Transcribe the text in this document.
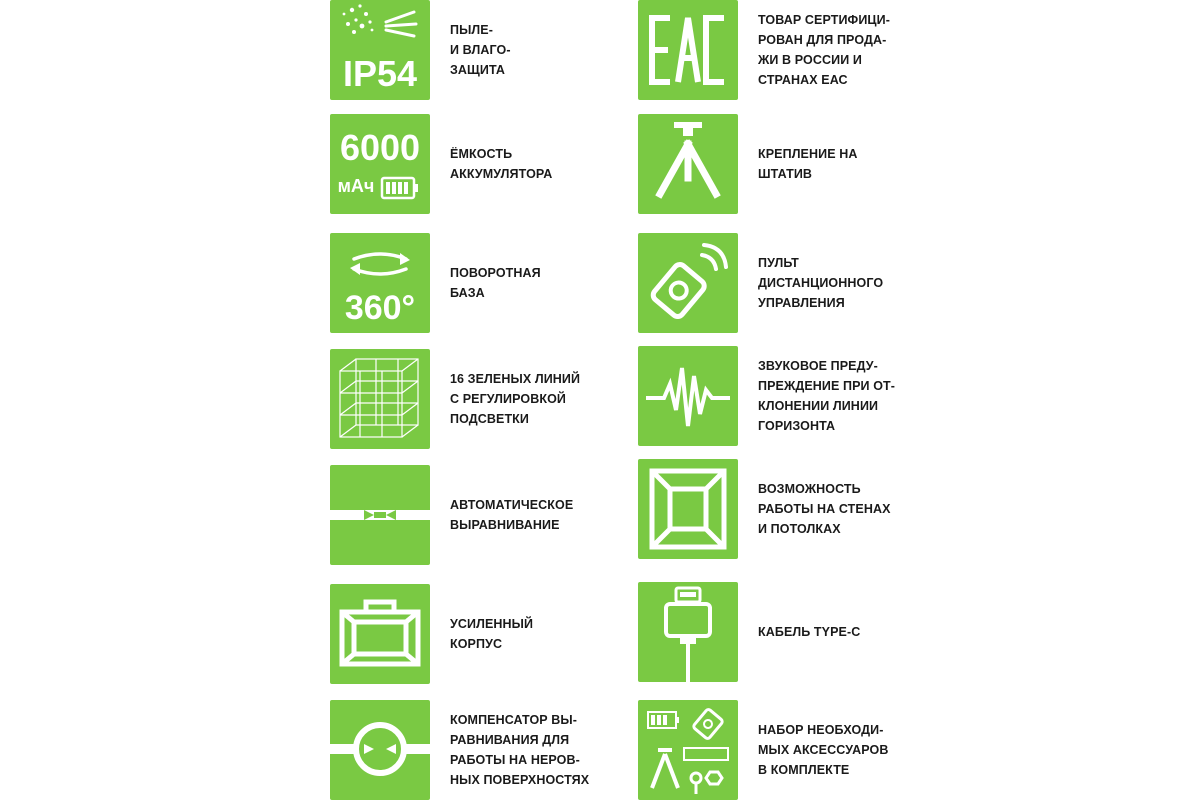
IP54
ПЫЛЕ-
И ВЛАГО-
ЗАЩИТА
ТОВАР СЕРТИФИЦИ-
РОВАН ДЛЯ ПРОДА-
ЖИ В РОССИИ И
СТРАНАХ ЕАС
6000
мАч
ЁМКОСТЬ
АККУМУЛЯТОРА
КРЕПЛЕНИЕ НА
ШТАТИВ
360°
ПОВОРОТНАЯ
БАЗА
ПУЛЬТ
ДИСТАНЦИОННОГО
УПРАВЛЕНИЯ
16 ЗЕЛЕНЫХ ЛИНИЙ
С РЕГУЛИРОВКОЙ
ПОДСВЕТКИ
ЗВУКОВОЕ ПРЕДУ-
ПРЕЖДЕНИЕ ПРИ ОТ-
КЛОНЕНИИ ЛИНИИ
ГОРИЗОНТА
АВТОМАТИЧЕСКОЕ
ВЫРАВНИВАНИЕ
ВОЗМОЖНОСТЬ
РАБОТЫ НА СТЕНАХ
И ПОТОЛКАХ
УСИЛЕННЫЙ
КОРПУС
КАБЕЛЬ TYPE-C
КОМПЕНСАТОР ВЫ-
РАВНИВАНИЯ ДЛЯ
РАБОТЫ НА НЕРОВ-
НЫХ ПОВЕРХНОСТЯХ
НАБОР НЕОБХОДИ-
МЫХ АКСЕССУАРОВ
В КОМПЛЕКТЕ
